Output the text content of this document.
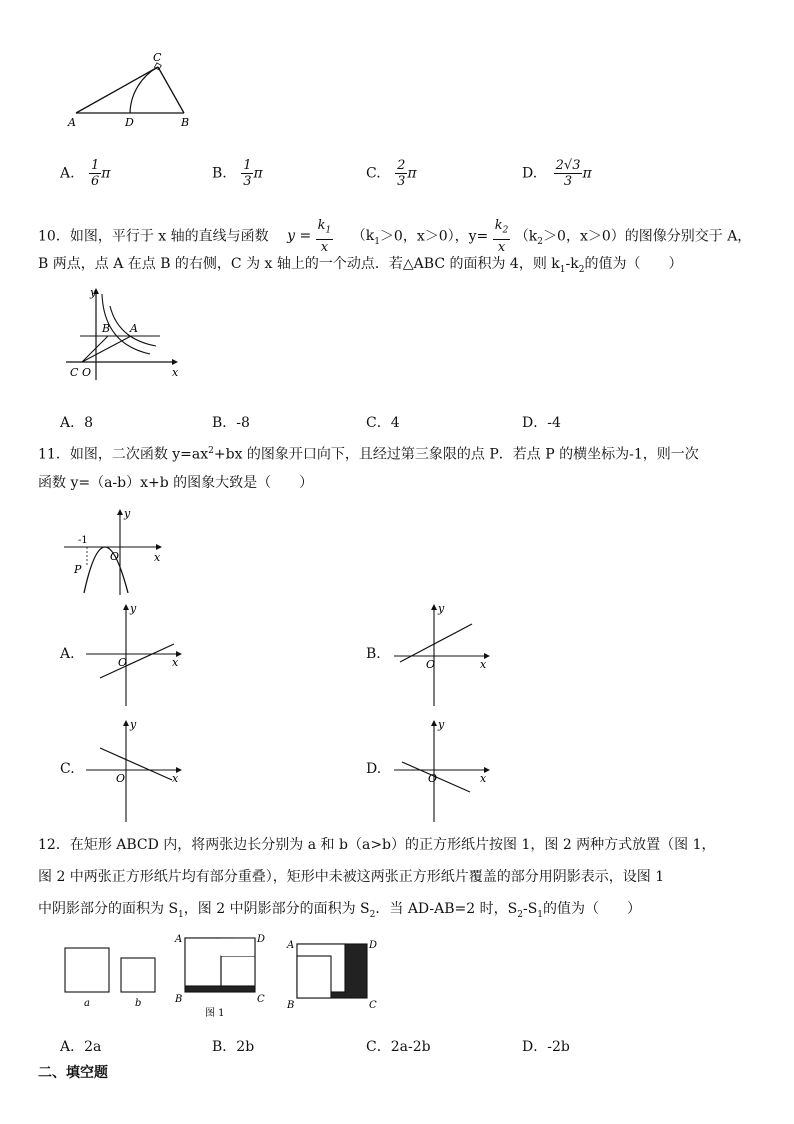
C
A	D	B
A. $\frac{1}{6}$ π	B. $\frac{1}{3}$ π	C. $\frac{2}{3}$ π	D. $\frac{2√3}{3}$ π
10．如图，平行于 x 轴的直线与函数 $y = \frac{k_1}{x} (k_1>0$，x＞0），$y= \frac{k_2}{x} (k_2>0$，x＞0）的图像分别交于 A，
B 两点，点 A 在点 B 的右侧，C 为 x 轴上的一个动点．若△ABC 的面积为 4，则 $k_1-k_2$的值为（　　）
y
B A
C O	x
A．8	B．-8	C．4	D．-4
11．如图，二次函数 $y=ax^2+bx$ 的图象开口向下，且经过第三象限的点 P．若点 P 的横坐标为-1，则一次
函数 y=（a-b）x+b 的图象大致是（　　）
y
-1
O	x
P
A.
y
O	x
B.
y
O	x
C.
y
O	x
D.
y
O	x
12．在矩形 ABCD 内，将两张边长分别为 a 和 b（a>b）的正方形纸片按图 1，图 2 两种方式放置（图 1，
图 2 中两张正方形纸片均有部分重叠），矩形中未被这两张正方形纸片覆盖的部分用阴影表示，设图 1
中阴影部分的面积为 $S_1$，图 2 中阴影部分的面积为 $S_2$．当 AD-AB=2 时，$S_2-S_1$的值为（　　）
a	b
A	D
B	C
图 1
A	D
B	C
A．2a	B．2b	C．2a-2b	D．-2b
二、填空题
